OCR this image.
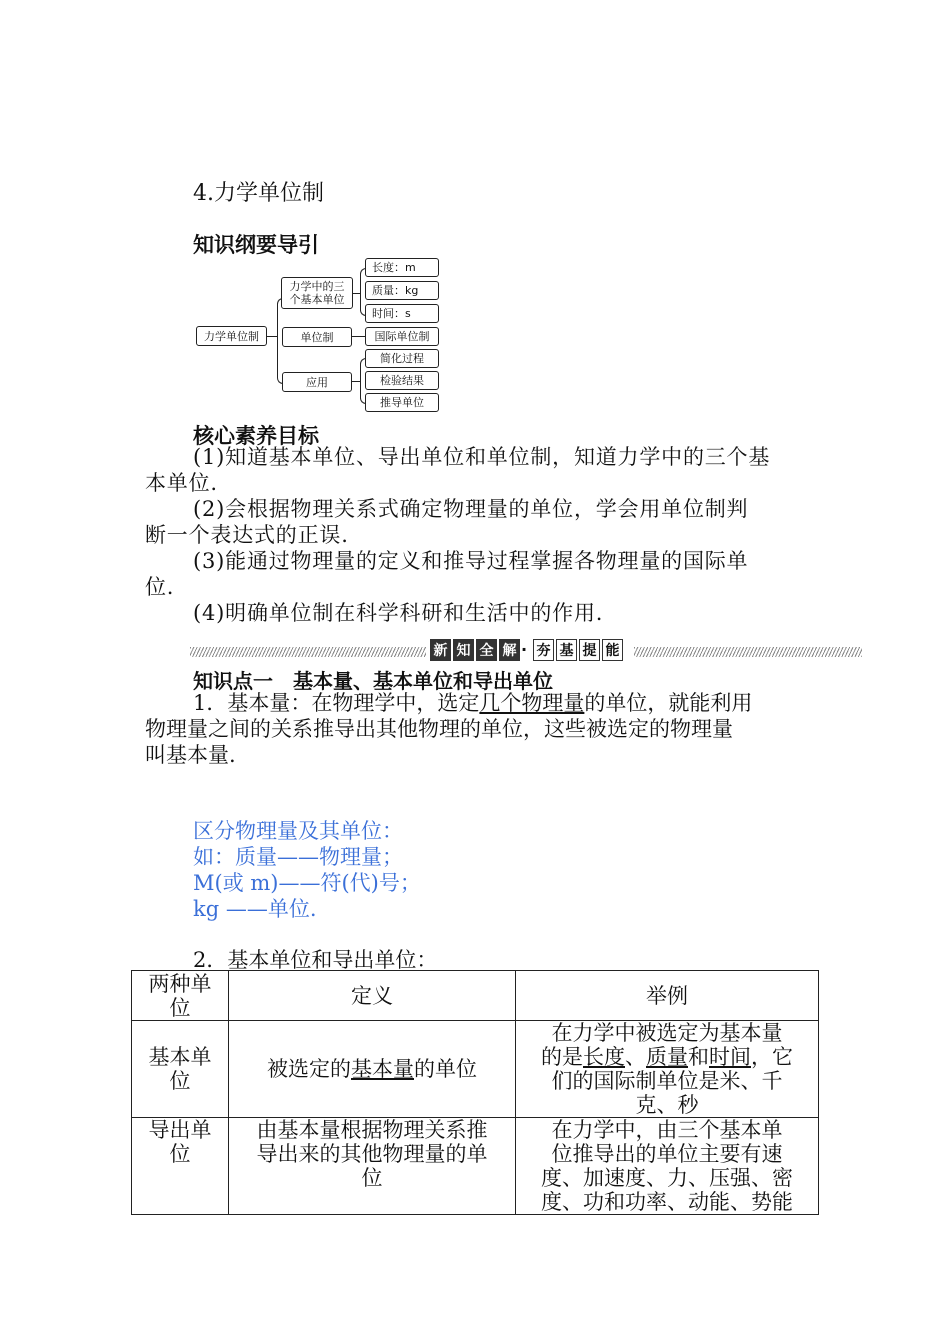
4.力学单位制
知识纲要导引
力学单位制
力学中的三
个基本单位
单位制
应用
长度：m
质量：kg
时间：s
国际单位制
简化过程
检验结果
推导单位
核心素养目标
(1)知道基本单位、导出单位和单位制，知道力学中的三个基
本单位.
(2)会根据物理关系式确定物理量的单位，学会用单位制判
断一个表达式的正误.
(3)能通过物理量的定义和推导过程掌握各物理量的国际单
位.
(4)明确单位制在科学科研和生活中的作用.
新 知 全 解 · 夯 基 提 能
知识点一　基本量、基本单位和导出单位
1．基本量：在物理学中，选定几个物理量的单位，就能利用
物理量之间的关系推导出其他物理的单位，这些被选定的物理量
叫基本量.
区分物理量及其单位：
如：质量——物理量；
M(或 m)——符(代)号；
kg ——单位.
2．基本单位和导出单位：
两种单
位	定义	举例
基本单
位	被选定的基本量的单位	在力学中被选定为基本量
的是长度、质量和时间，它
们的国际制单位是米、千
克、秒
导出单
位	由基本量根据物理关系推
导出来的其他物理量的单
位	在力学中，由三个基本单
位推导出的单位主要有速
度、加速度、力、压强、密
度、功和功率、动能、势能
